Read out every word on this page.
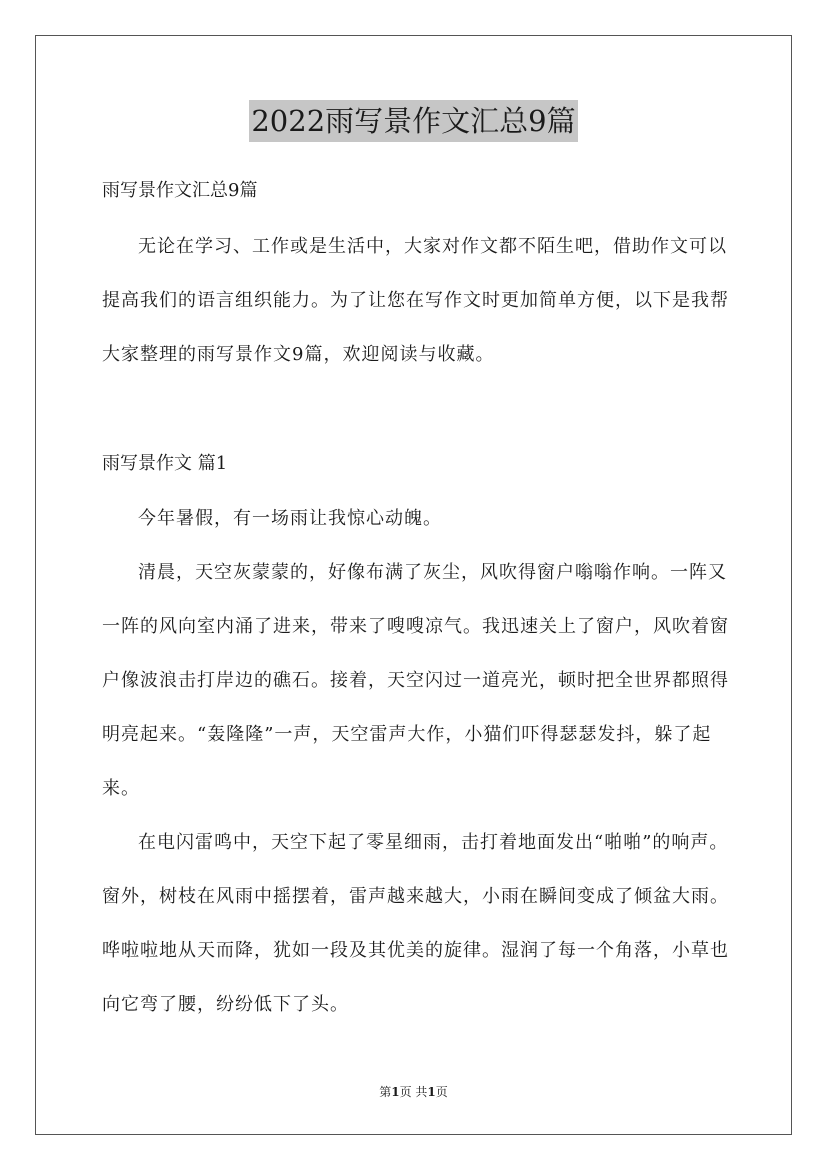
2022雨写景作文汇总9篇
雨写景作文汇总9篇
无论在学习、工作或是生活中，大家对作文都不陌生吧，借助作文可以提高我们的语言组织能力。为了让您在写作文时更加简单方便，以下是我帮大家整理的雨写景作文9篇，欢迎阅读与收藏。
雨写景作文 篇1
今年暑假，有一场雨让我惊心动魄。
清晨，天空灰蒙蒙的，好像布满了灰尘，风吹得窗户嗡嗡作响。一阵又一阵的风向室内涌了进来，带来了嗖嗖凉气。我迅速关上了窗户，风吹着窗户像波浪击打岸边的礁石。接着，天空闪过一道亮光，顿时把全世界都照得明亮起来。“轰隆隆”一声，天空雷声大作，小猫们吓得瑟瑟发抖，躲了起来。
在电闪雷鸣中，天空下起了零星细雨，击打着地面发出“啪啪”的响声。窗外，树枝在风雨中摇摆着，雷声越来越大，小雨在瞬间变成了倾盆大雨。哗啦啦地从天而降，犹如一段及其优美的旋律。湿润了每一个角落，小草也向它弯了腰，纷纷低下了头。
第1页 共1页
